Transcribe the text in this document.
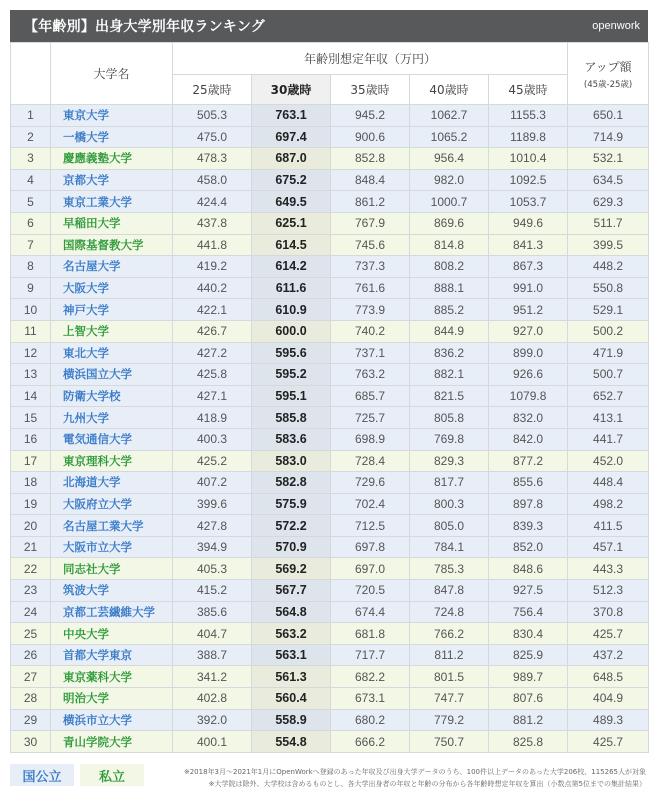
【年齢別】出身大学別年収ランキング	openwork
	大学名	年齢別想定年収（万円）					アップ額
(45歳-25歳)

		25歳時	30歳時	35歳時	40歳時	45歳時	
1	東京大学	505.3	763.1	945.2	1062.7	1155.3	650.1
2	一橋大学	475.0	697.4	900.6	1065.2	1189.8	714.9
3	慶應義塾大学	478.3	687.0	852.8	956.4	1010.4	532.1
4	京都大学	458.0	675.2	848.4	982.0	1092.5	634.5
5	東京工業大学	424.4	649.5	861.2	1000.7	1053.7	629.3
6	早稲田大学	437.8	625.1	767.9	869.6	949.6	511.7
7	国際基督教大学	441.8	614.5	745.6	814.8	841.3	399.5
8	名古屋大学	419.2	614.2	737.3	808.2	867.3	448.2
9	大阪大学	440.2	611.6	761.6	888.1	991.0	550.8
10	神戸大学	422.1	610.9	773.9	885.2	951.2	529.1
11	上智大学	426.7	600.0	740.2	844.9	927.0	500.2
12	東北大学	427.2	595.6	737.1	836.2	899.0	471.9
13	横浜国立大学	425.8	595.2	763.2	882.1	926.6	500.7
14	防衛大学校	427.1	595.1	685.7	821.5	1079.8	652.7
15	九州大学	418.9	585.8	725.7	805.8	832.0	413.1
16	電気通信大学	400.3	583.6	698.9	769.8	842.0	441.7
17	東京理科大学	425.2	583.0	728.4	829.3	877.2	452.0
18	北海道大学	407.2	582.8	729.6	817.7	855.6	448.4
19	大阪府立大学	399.6	575.9	702.4	800.3	897.8	498.2
20	名古屋工業大学	427.8	572.2	712.5	805.0	839.3	411.5
21	大阪市立大学	394.9	570.9	697.8	784.1	852.0	457.1
22	同志社大学	405.3	569.2	697.0	785.3	848.6	443.3
23	筑波大学	415.2	567.7	720.5	847.8	927.5	512.3
24	京都工芸繊維大学	385.6	564.8	674.4	724.8	756.4	370.8
25	中央大学	404.7	563.2	681.8	766.2	830.4	425.7
26	首都大学東京	388.7	563.1	717.7	811.2	825.9	437.2
27	東京薬科大学	341.2	561.3	682.2	801.5	989.7	648.5
28	明治大学	402.8	560.4	673.1	747.7	807.6	404.9
29	横浜市立大学	392.0	558.9	680.2	779.2	881.2	489.3
30	青山学院大学	400.1	554.8	666.2	750.7	825.8	425.7
国公立	私立	※2018年3月〜2021年1月にOpenWorkへ登録のあった年収及び出身大学データのうち、100件以上データのあった大学206校、115265人が対象
※大学院は除外、大学校は含めるものとし、各大学出身者の年収と年齢の分布から各年齢時想定年収を算出（小数点第5位までの集計結果）
